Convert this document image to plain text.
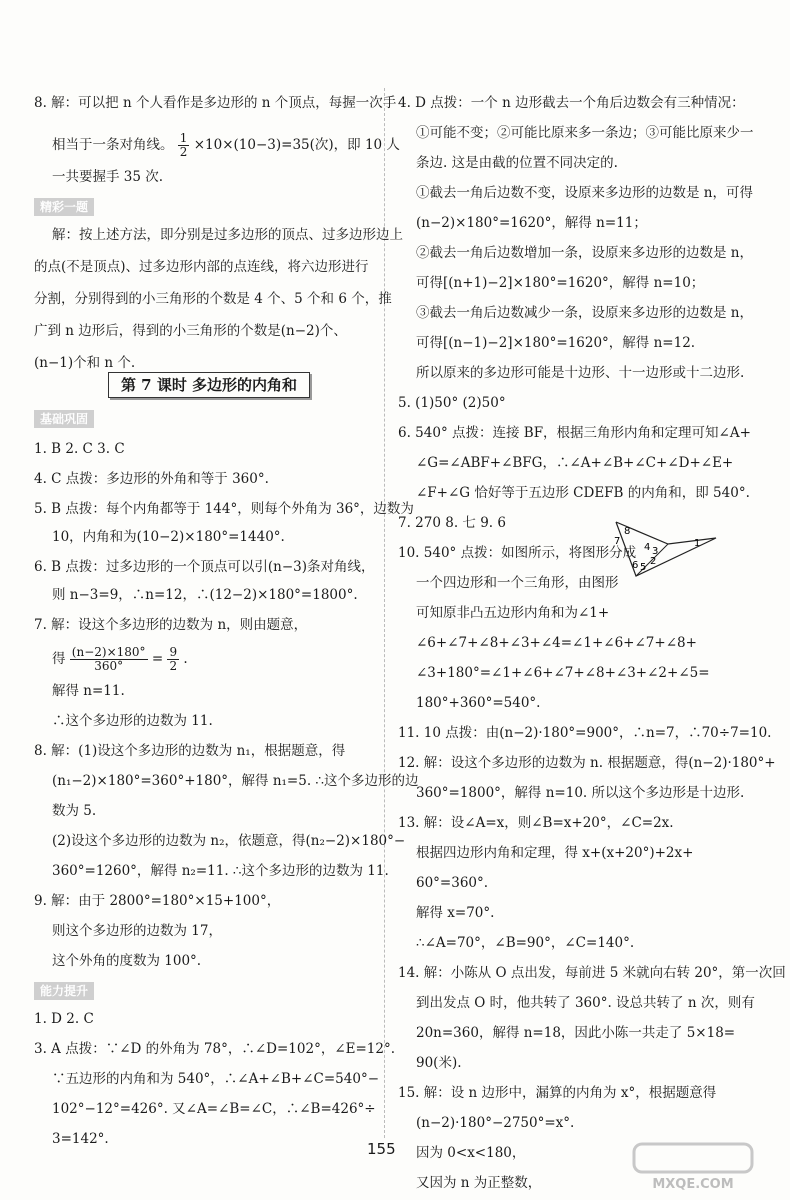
8. 解：可以把 n 个人看作是多边形的 n 个顶点，每握一次手
相当于一条对角线。 $\frac{1}{2} \times 10\times(10-3)=35$(次)，即 10 人
一共要握手 35 次.
精彩一题
解：按上述方法，即分别是过多边形的顶点、过多边形边上
的点(不是顶点)、过多边形内部的点连线，将六边形进行
分割，分别得到的小三角形的个数是 4 个、5 个和 6 个，推
广到 n 边形后，得到的小三角形的个数是(n−2)个、
(n−1)个和 n 个.
第 7 课时 多边形的内角和
基础巩固
1. B 2. C 3. C
4. C 点拨：多边形的外角和等于 360°.
5. B 点拨：每个内角都等于 144°，则每个外角为 36°，边数为
10，内角和为(10−2)×180°=1440°.
6. B 点拨：过多边形的一个顶点可以引(n−3)条对角线，
则 n−3=9，∴n=12，∴(12−2)×180°=1800°.
7. 解：设这个多边形的边数为 n，则由题意，
得 $\frac{(n-2)\times 180^\circ}{360^\circ} = \frac{9}{2}$ .
解得 n=11.
∴这个多边形的边数为 11.
8. 解：(1)设这个多边形的边数为 n₁，根据题意，得
(n₁−2)×180°=360°+180°，解得 n₁=5. ∴这个多边形的边
数为 5.
(2)设这个多边形的边数为 n₂，依题意，得(n₂−2)×180°−
360°=1260°，解得 n₂=11. ∴这个多边形的边数为 11.
9. 解：由于 2800°=180°×15+100°，
则这个多边形的边数为 17，
这个外角的度数为 100°.
能力提升
1. D 2. C
3. A 点拨：∵∠D 的外角为 78°，∴∠D=102°，∠E=12°.
∵五边形的内角和为 540°，∴∠A+∠B+∠C=540°−
102°−12°=426°. 又∠A=∠B=∠C，∴∠B=426°÷
3=142°.
4. D 点拨：一个 n 边形截去一个角后边数会有三种情况：
①可能不变；②可能比原来多一条边；③可能比原来少一
条边. 这是由截的位置不同决定的.
①截去一角后边数不变，设原来多边形的边数是 n，可得
(n−2)×180°=1620°，解得 n=11；
②截去一角后边数增加一条，设原来多边形的边数是 n，
可得[(n+1)−2]×180°=1620°，解得 n=10；
③截去一角后边数减少一条，设原来多边形的边数是 n，
可得[(n−1)−2]×180°=1620°，解得 n=12.
所以原来的多边形可能是十边形、十一边形或十二边形.
5. (1)50° (2)50°
6. 540° 点拨：连接 BF，根据三角形内角和定理可知∠A+
∠G=∠ABF+∠BFG，∴∠A+∠B+∠C+∠D+∠E+
∠F+∠G 恰好等于五边形 CDEFB 的内角和，即 540°.
7. 270 8. 七 9. 6
10. 540° 点拨：如图所示，将图形分成
一个四边形和一个三角形，由图形
可知原非凸五边形内角和为∠1+
∠6+∠7+∠8+∠3+∠4=∠1+∠6+∠7+∠8+
∠3+180°=∠1+∠6+∠7+∠8+∠3+∠2+∠5=
180°+360°=540°.
11. 10 点拨：由(n−2)·180°=900°，∴n=7，∴70÷7=10.
12. 解：设这个多边形的边数为 n. 根据题意，得(n−2)·180°+
360°=1800°，解得 n=10. 所以这个多边形是十边形.
13. 解：设∠A=x，则∠B=x+20°，∠C=2x.
根据四边形内角和定理，得 x+(x+20°)+2x+
60°=360°.
解得 x=70°.
∴∠A=70°，∠B=90°，∠C=140°.
14. 解：小陈从 O 点出发，每前进 5 米就向右转 20°，第一次回
到出发点 O 时，他共转了 360°. 设总共转了 n 次，则有
20n=360，解得 n=18，因此小陈一共走了 5×18=
90(米).
15. 解：设 n 边形中，漏算的内角为 x°，根据题意得
(n−2)·180°−2750°=x°.
因为 0<x<180，
又因为 n 为正整数，
8
7
4 3
2
1
6 5
155
MXQE.COM
